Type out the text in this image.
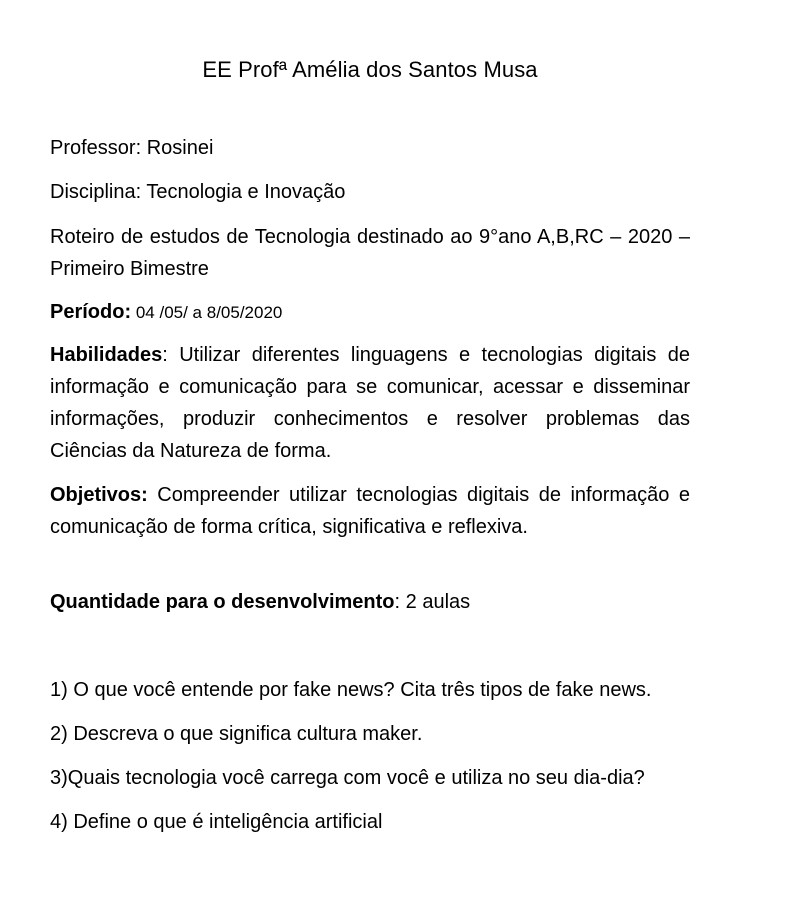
EE Profª Amélia dos Santos Musa
Professor: Rosinei
Disciplina: Tecnologia e Inovação
Roteiro de estudos de Tecnologia destinado ao 9°ano A,B,RC – 2020 – Primeiro Bimestre
Período: 04 /05/ a 8/05/2020
Habilidades: Utilizar diferentes linguagens e tecnologias digitais de informação e comunicação para se comunicar, acessar e disseminar informações, produzir conhecimentos e resolver problemas das Ciências da Natureza de forma.
Objetivos: Compreender utilizar tecnologias digitais de informação e comunicação de forma crítica, significativa e reflexiva.
Quantidade para o desenvolvimento: 2 aulas
1) O que você entende por fake news? Cita três tipos de fake news.
2) Descreva o que significa cultura maker.
3)Quais tecnologia você carrega com você e utiliza no seu dia-dia?
4) Define o que é inteligência artificial
